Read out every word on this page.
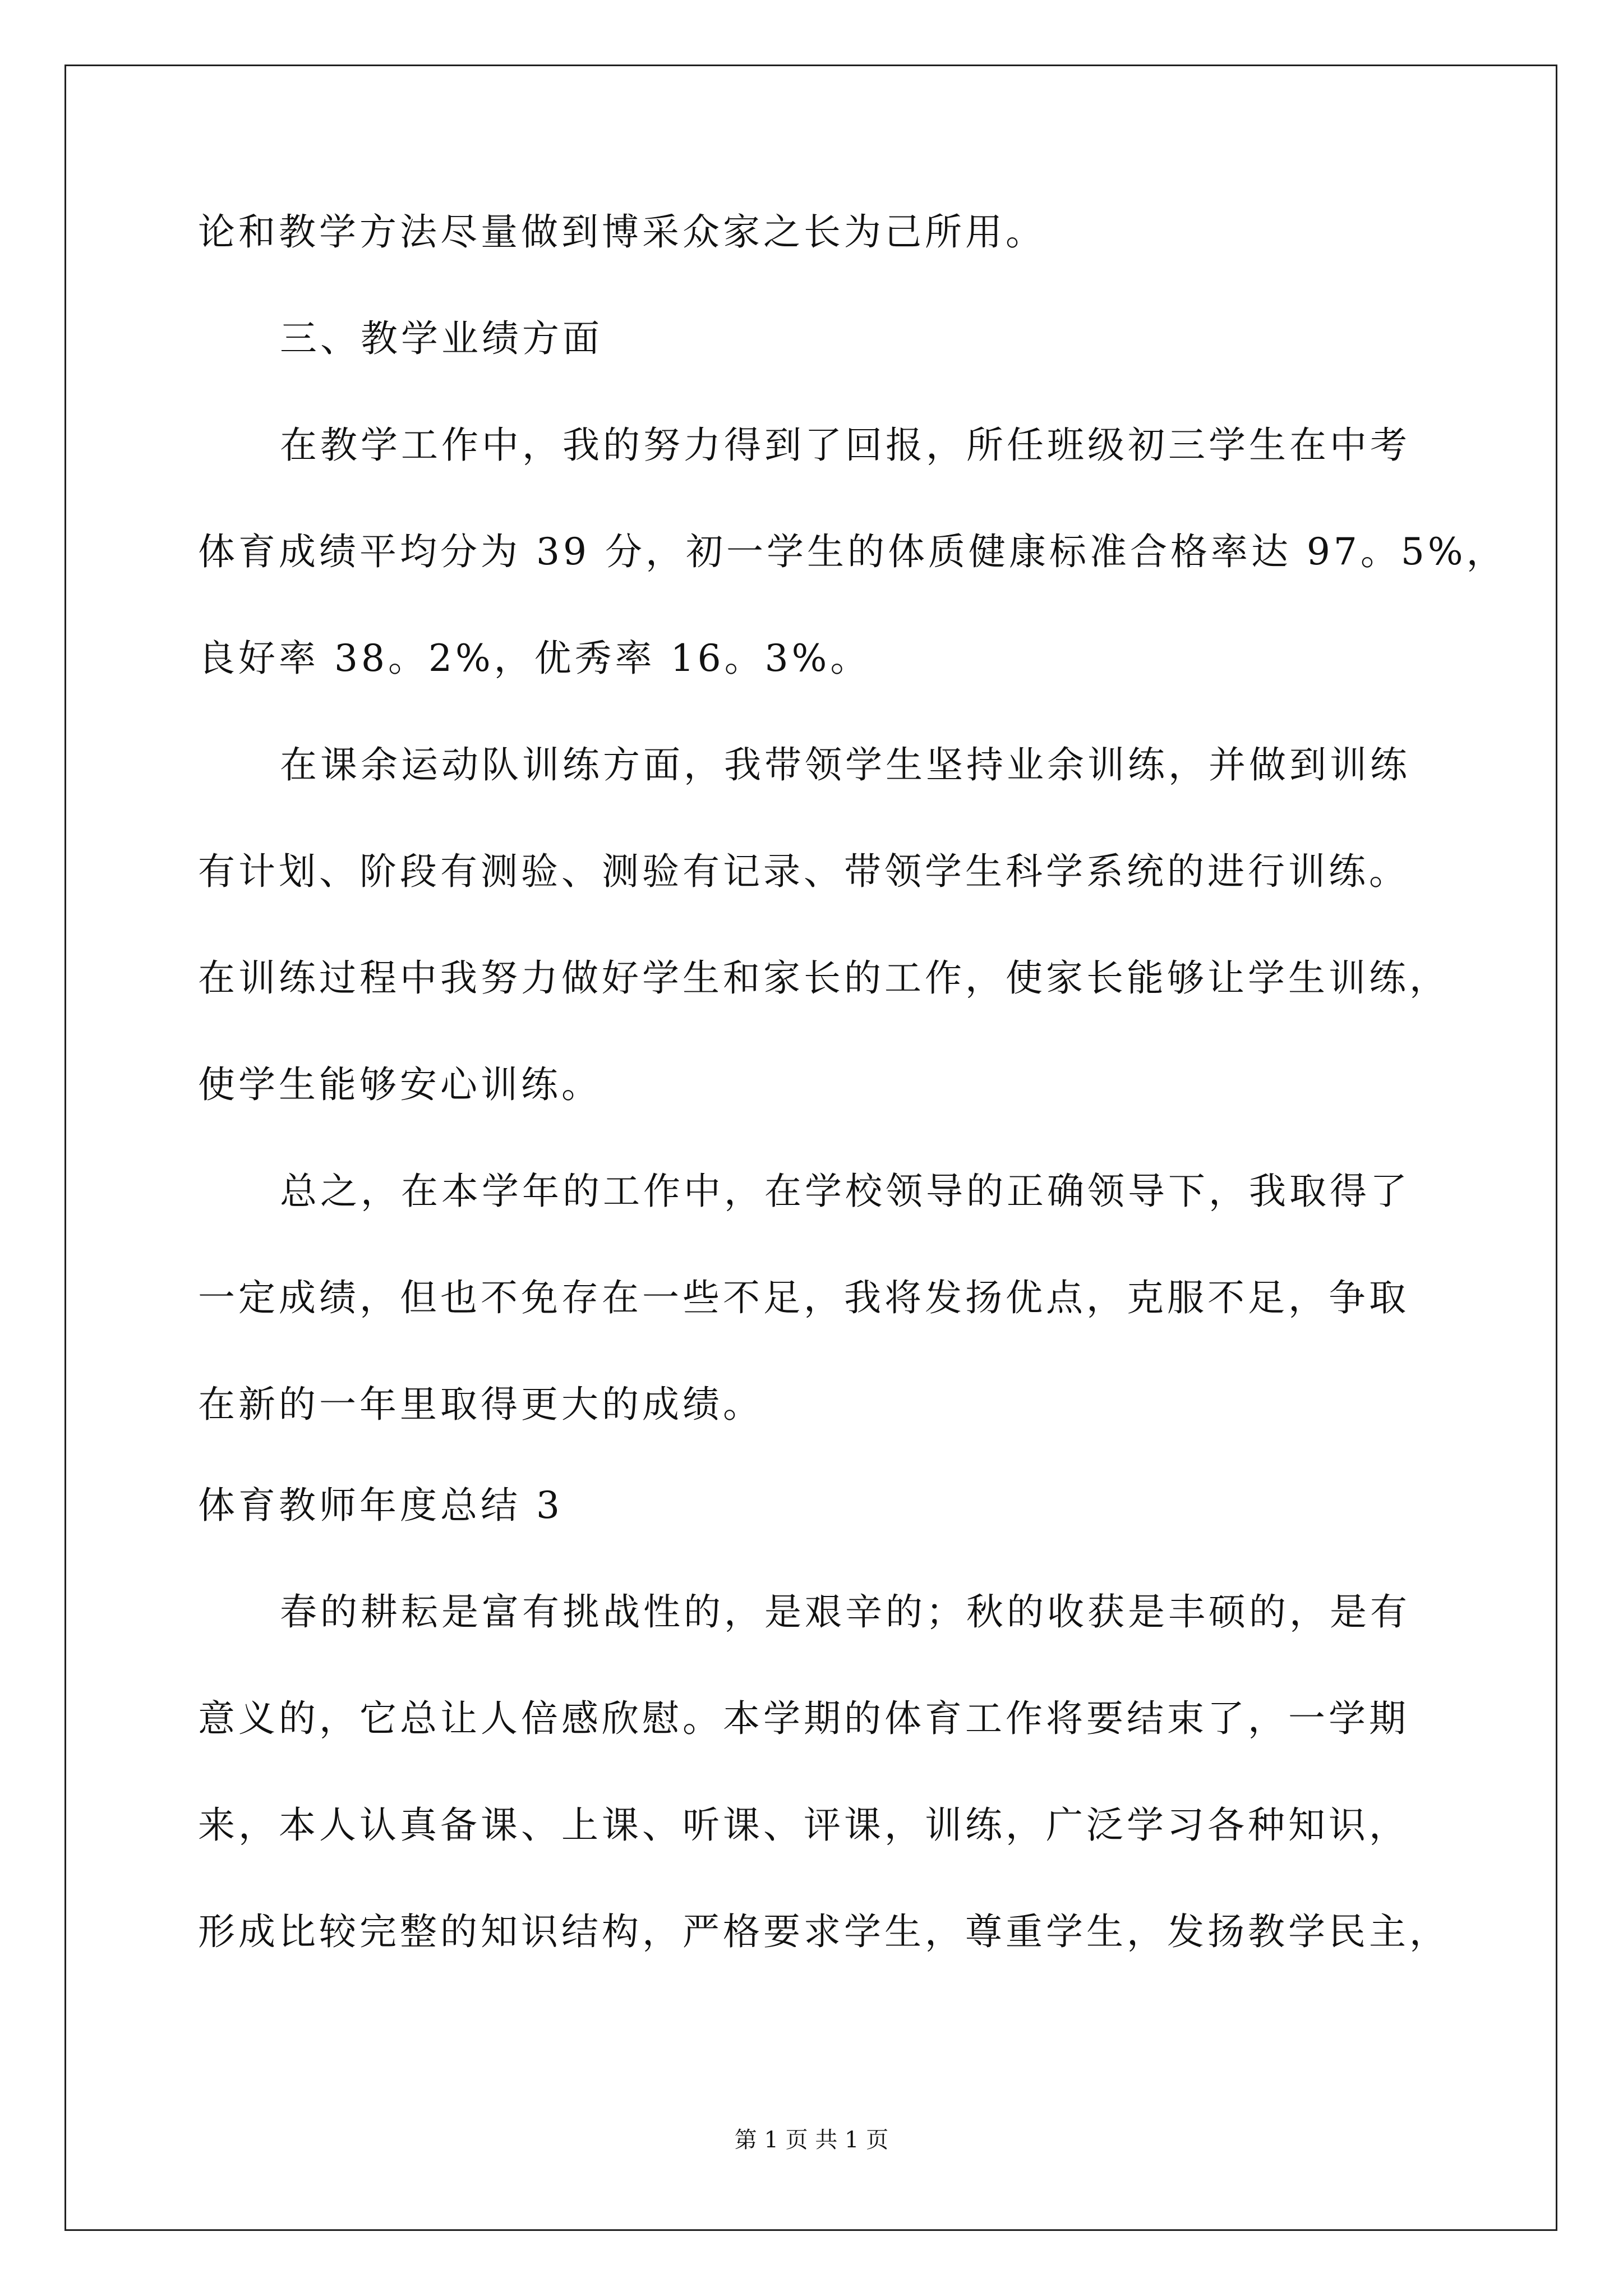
论和教学方法尽量做到博采众家之长为己所用。
三、教学业绩方面
在教学工作中，我的努力得到了回报，所任班级初三学生在中考
体育成绩平均分为 39 分，初一学生的体质健康标准合格率达 97。5%，
良好率 38。2%，优秀率 16。3%。
在课余运动队训练方面，我带领学生坚持业余训练，并做到训练
有计划、阶段有测验、测验有记录、带领学生科学系统的进行训练。
在训练过程中我努力做好学生和家长的工作，使家长能够让学生训练，
使学生能够安心训练。
总之，在本学年的工作中，在学校领导的正确领导下，我取得了
一定成绩，但也不免存在一些不足，我将发扬优点，克服不足，争取
在新的一年里取得更大的成绩。
体育教师年度总结 3
春的耕耘是富有挑战性的，是艰辛的；秋的收获是丰硕的，是有
意义的，它总让人倍感欣慰。本学期的体育工作将要结束了，一学期
来，本人认真备课、上课、听课、评课，训练，广泛学习各种知识，
形成比较完整的知识结构，严格要求学生，尊重学生，发扬教学民主，
第 1 页 共 1 页
